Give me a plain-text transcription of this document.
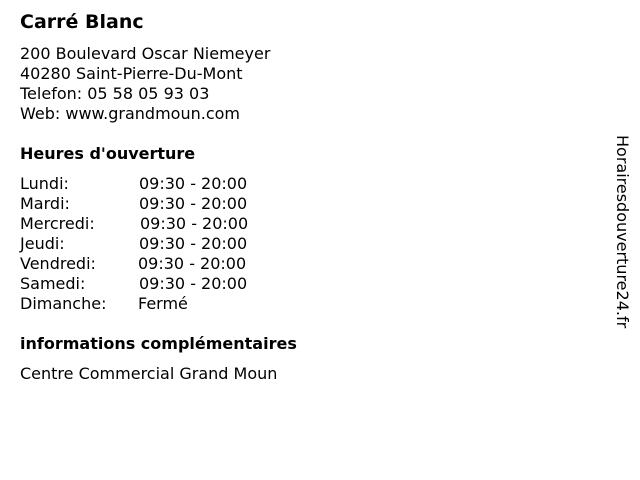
Carré Blanc
200 Boulevard Oscar Niemeyer
40280 Saint-Pierre-Du-Mont
Telefon: 05 58 05 93 03
Web: www.grandmoun.com
Heures d'ouverture
Lundi:	09:30 - 20:00
Mardi:	09:30 - 20:00
Mercredi:	09:30 - 20:00
Jeudi:	09:30 - 20:00
Vendredi:	09:30 - 20:00
Samedi:	09:30 - 20:00
Dimanche: Fermé
informations complémentaires
Centre Commercial Grand Moun
Horairesdouverture24.fr
